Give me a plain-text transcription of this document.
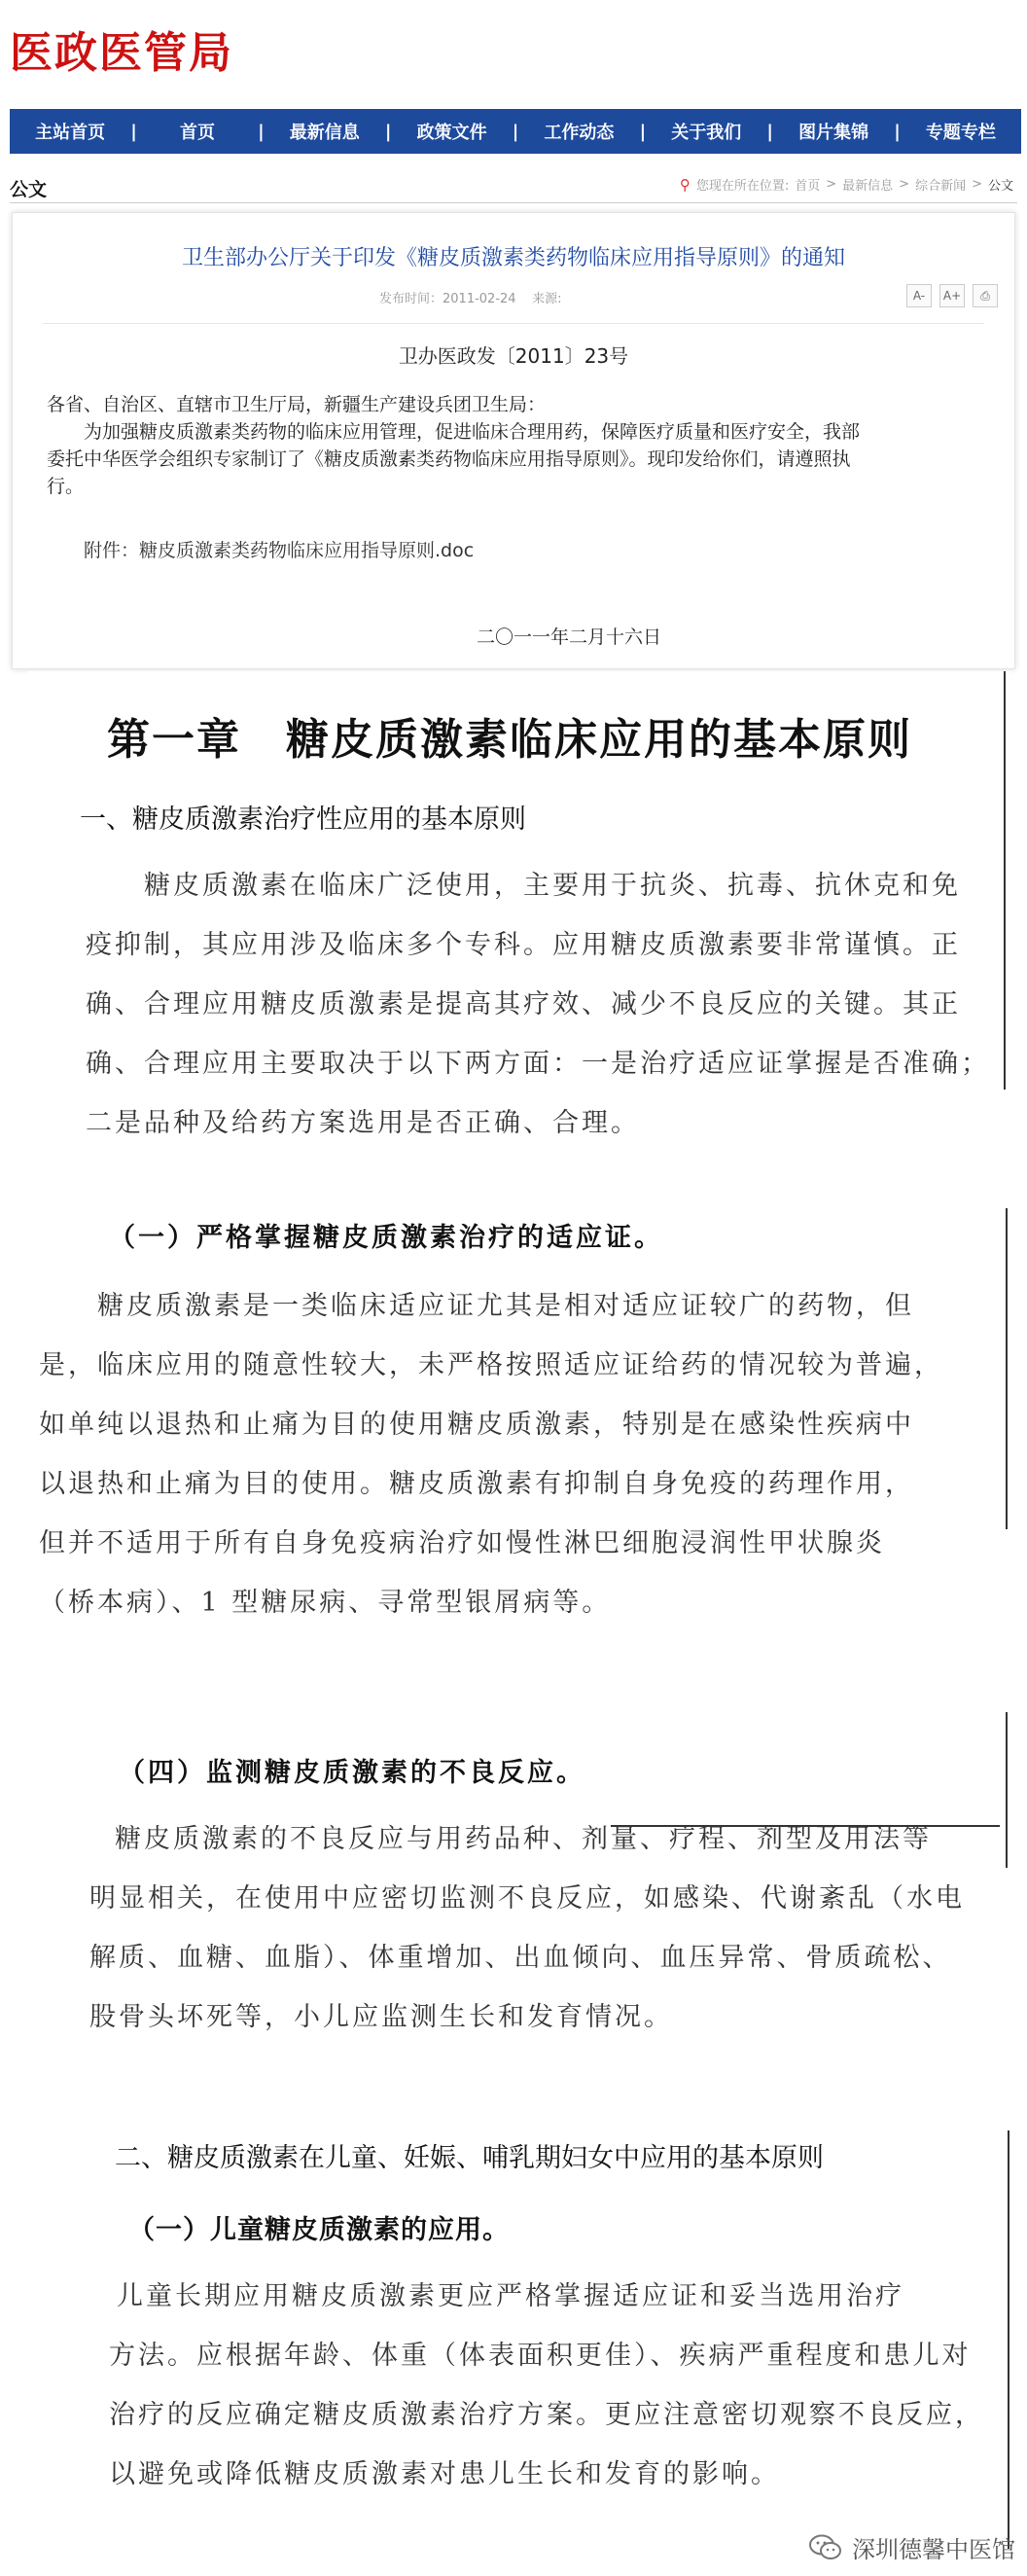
医政医管局
主站首页	|	首页	|	最新信息	|	政策文件	|	工作动态	|	关于我们	|	图片集锦	|	专题专栏
公文	⚲ 您现在所在位置: 首页 > 最新信息 > 综合新闻 > 公文
卫生部办公厅关于印发《糖皮质激素类药物临床应用指导原则》的通知
发布时间：2011-02-24 来源:	A-	A+	⎙
卫办医政发〔2011〕23号
各省、自治区、直辖市卫生厅局，新疆生产建设兵团卫生局：
为加强糖皮质激素类药物的临床应用管理，促进临床合理用药，保障医疗质量和医疗安全，我部
委托中华医学会组织专家制订了《糖皮质激素类药物临床应用指导原则》。现印发给你们，请遵照执
行。
附件：糖皮质激素类药物临床应用指导原则.doc
二〇一一年二月十六日
第一章　糖皮质激素临床应用的基本原则
一、糖皮质激素治疗性应用的基本原则
糖皮质激素在临床广泛使用，主要用于抗炎、抗毒、抗休克和免
疫抑制，其应用涉及临床多个专科。应用糖皮质激素要非常谨慎。正
确、合理应用糖皮质激素是提高其疗效、减少不良反应的关键。其正
确、合理应用主要取决于以下两方面：一是治疗适应证掌握是否准确；
二是品种及给药方案选用是否正确、合理。
（一）严格掌握糖皮质激素治疗的适应证。
糖皮质激素是一类临床适应证尤其是相对适应证较广的药物，但
是，临床应用的随意性较大，未严格按照适应证给药的情况较为普遍，
如单纯以退热和止痛为目的使用糖皮质激素，特别是在感染性疾病中
以退热和止痛为目的使用。糖皮质激素有抑制自身免疫的药理作用，
但并不适用于所有自身免疫病治疗如慢性淋巴细胞浸润性甲状腺炎
（桥本病）、1 型糖尿病、寻常型银屑病等。
（四）监测糖皮质激素的不良反应。
糖皮质激素的不良反应与用药品种、剂量、疗程、剂型及用法等
明显相关，在使用中应密切监测不良反应，如感染、代谢紊乱（水电
解质、血糖、血脂）、体重增加、出血倾向、血压异常、骨质疏松、
股骨头坏死等，小儿应监测生长和发育情况。
二、糖皮质激素在儿童、妊娠、哺乳期妇女中应用的基本原则
（一）儿童糖皮质激素的应用。
儿童长期应用糖皮质激素更应严格掌握适应证和妥当选用治疗
方法。应根据年龄、体重（体表面积更佳）、疾病严重程度和患儿对
治疗的反应确定糖皮质激素治疗方案。更应注意密切观察不良反应，
以避免或降低糖皮质激素对患儿生长和发育的影响。
深圳德馨中医馆
